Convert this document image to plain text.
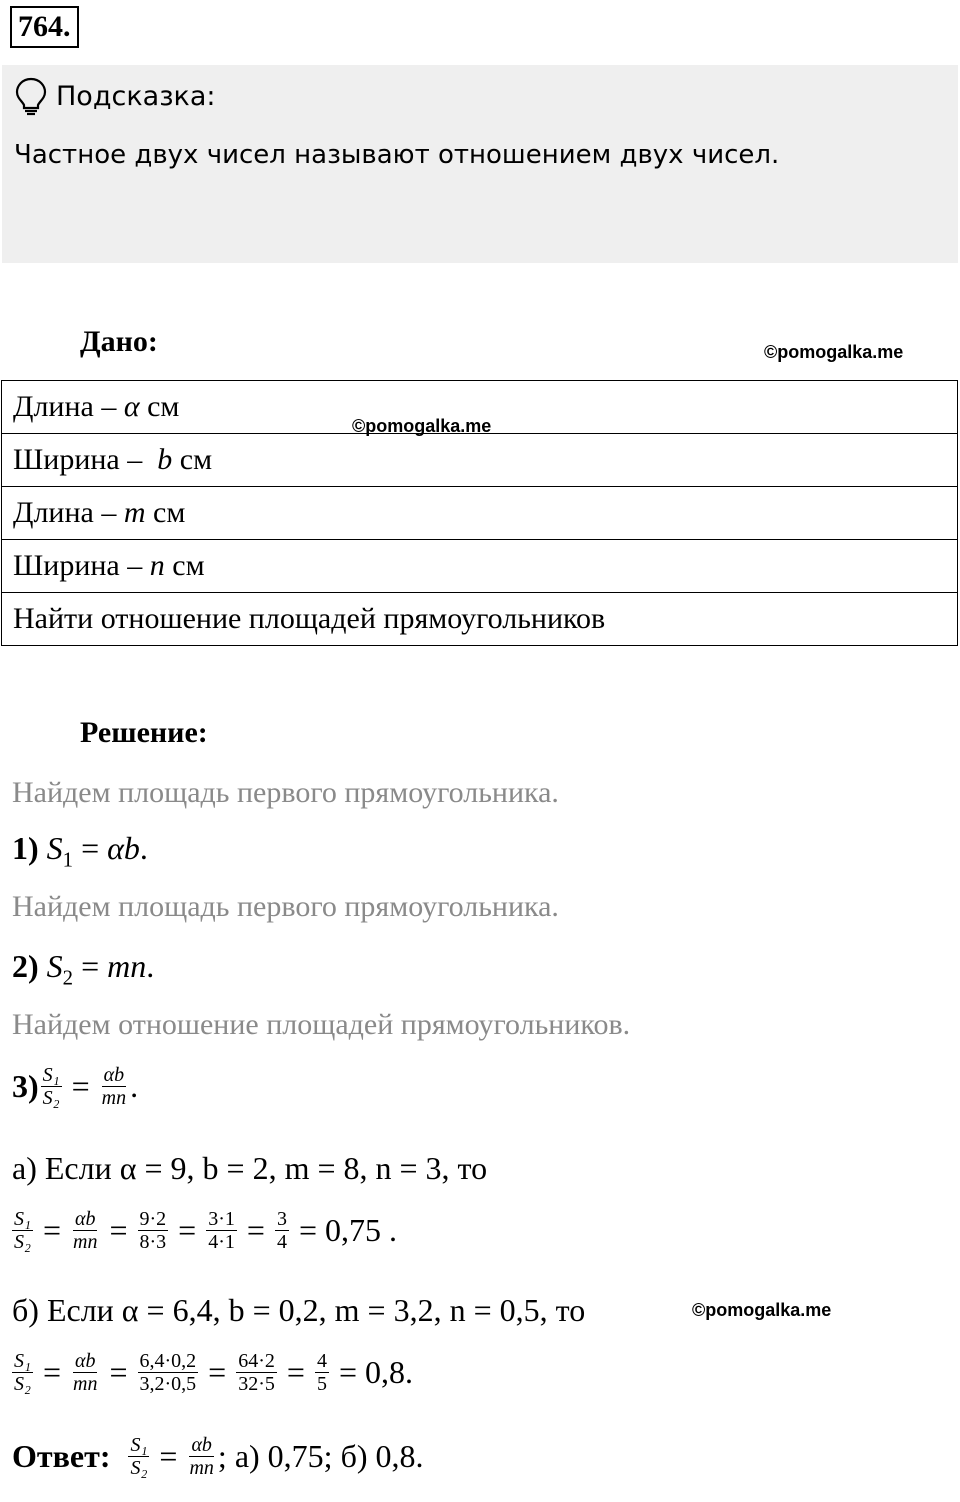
764.
Подсказка:
Частное двух чисел называют отношением двух чисел.
Дано:	©pomogalka.me
Длина – α см
Ширина –  b см
Длина – m см
Ширина – n см
Найти отношение площадей прямоугольников
©pomogalka.me
Решение:
Найдем площадь первого прямоугольника.
1) $S_1 = \alpha b$.
Найдем площадь первого прямоугольника.
2) $S_2$ = mn.
Найдем отношение площадей прямоугольников.
$3) \frac{\text{S₁}}{\text{S₂}} = \frac{\alpha b}{mn}$ .
а) Если α = 9, b = 2, m = 8, n = 3, то
$\frac{\text{S₁}}{\text{S₂}} = \frac{\alpha b}{mn} = \frac{9\cdot 2}{8\cdot 3} = \frac{3\cdot 1}{4\cdot 1} = \frac{3}{4}$
= 0,75 .
б) Если α = 6,4, b = 0,2, m = 3,2, n = 0,5, то	©pomogalka.me
$\frac{\text{S₁}}{\text{S₂}} = \frac{\alpha b}{mn} = \frac{6,4\cdot 0,2}{3,2\cdot 0,5} = \frac{64\cdot 2}{32\cdot 5} = \frac{4}{5}$
= 0,8.
Ответ:
$\frac{\text{S₁}}{\text{S₂}} = \frac{\alpha b}{mn}$ ; а) 0,75; б) 0,8.
